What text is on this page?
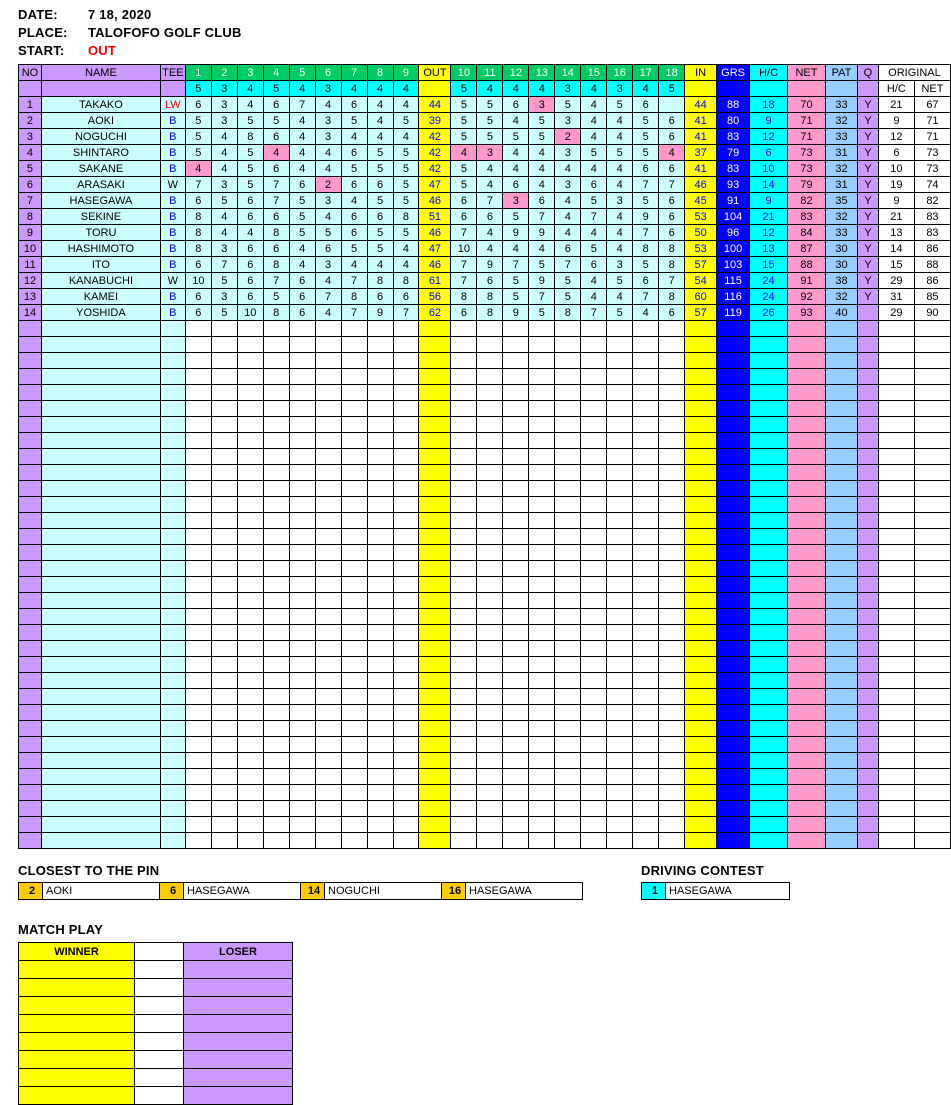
DATE: 7 18, 2020
PLACE: TALOFOFO GOLF CLUB
START: OUT
NO	NAME	TEE	1	2	3	4	5	6	7	8	9	OUT	10	11	12	13	14	15	16	17	18	IN	GRS	H/C	NET	PAT	Q	ORIGINAL	
			5	3	4	5	4	3	4	4	4		5	4	4	4	3	4	3	4	5							H/C	NET
1	TAKAKO	LW	6	3	4	6	7	4	6	4	4	44	5	5	6	3	5	4	5	6		44	88	18	70	33	Y	21	67
2	AOKI	B	5	3	5	5	4	3	5	4	5	39	5	5	4	5	3	4	4	5	6	41	80	9	71	32	Y	9	71
3	NOGUCHI	B	5	4	8	6	4	3	4	4	4	42	5	5	5	5	2	4	4	5	6	41	83	12	71	33	Y	12	71
4	SHINTARO	B	5	4	5	4	4	4	6	5	5	42	4	3	4	4	3	5	5	5	4	37	79	6	73	31	Y	6	73
5	SAKANE	B	4	4	5	6	4	4	5	5	5	42	5	4	4	4	4	4	4	6	6	41	83	10	73	32	Y	10	73
6	ARASAKI	W	7	3	5	7	6	2	6	6	5	47	5	4	6	4	3	6	4	7	7	46	93	14	79	31	Y	19	74
7	HASEGAWA	B	6	5	6	7	5	3	4	5	5	46	6	7	3	6	4	5	3	5	6	45	91	9	82	35	Y	9	82
8	SEKINE	B	8	4	6	6	5	4	6	6	8	51	6	6	5	7	4	7	4	9	6	53	104	21	83	32	Y	21	83
9	TORU	B	8	4	4	8	5	5	6	5	5	46	7	4	9	9	4	4	4	7	6	50	96	12	84	33	Y	13	83
10	HASHIMOTO	B	8	3	6	6	4	6	5	5	4	47	10	4	4	4	6	5	4	8	8	53	100	13	87	30	Y	14	86
11	ITO	B	6	7	6	8	4	3	4	4	4	46	7	9	7	5	7	6	3	5	8	57	103	15	88	30	Y	15	88
12	KANABUCHI	W	10	5	6	7	6	4	7	8	8	61	7	6	5	9	5	4	5	6	7	54	115	24	91	38	Y	29	86
13	KAMEI	B	6	3	6	5	6	7	8	6	6	56	8	8	5	7	5	4	4	7	8	60	116	24	92	32	Y	31	85
14	YOSHIDA	B	6	5	10	8	6	4	7	9	7	62	6	8	9	5	8	7	5	4	6	57	119	26	93	40		29	90

CLOSEST TO THE PIN
2	AOKI	6	HASEGAWA	14	NOGUCHI	16	HASEGAWA
DRIVING CONTEST
1	HASEGAWA
MATCH PLAY
WINNER		LOSER
